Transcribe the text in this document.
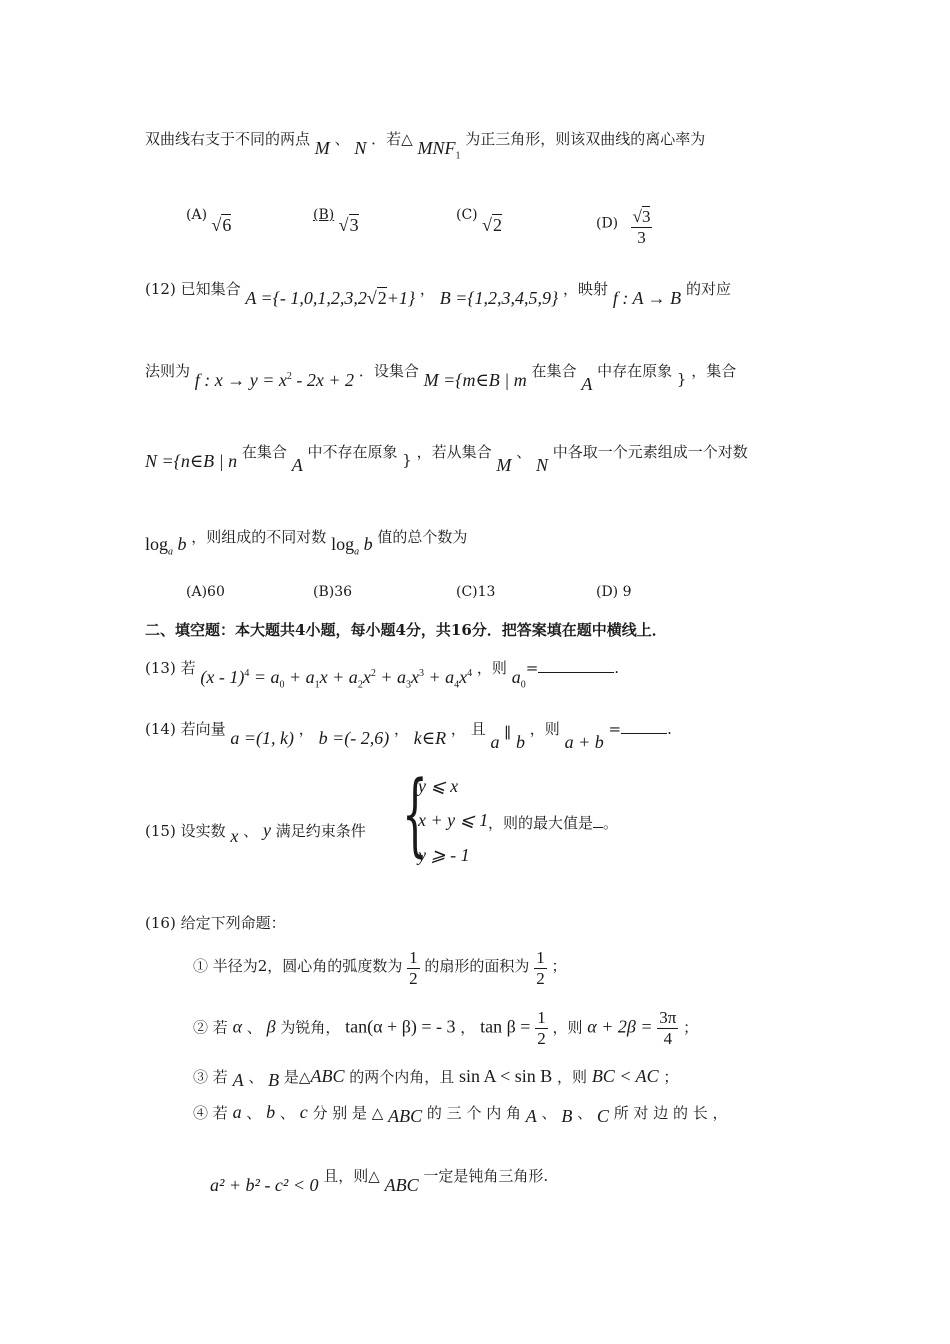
双曲线右支于不同的两点 M 、 N ．若△ $MNF_1$ 为正三角形，则该双曲线的离心率为
(A) √6	(B) √3	(C) √2	$(D) \frac{√3}{3}$
(12) 已知集合 A ={- 1,0,1,2,3,2√2+1} ， B ={1,2,3,4,5,9} ，映射 f : A → B 的对应
法则为 f : $x \to y = x^2 - 2x + 2$ ．设集合 M ={m∈B | m 在集合 A 中存在原象 } ，集合
N ={n∈B | n 在集合 A 中不存在原象 } ，若从集合 M 、 N 中各取一个元素组成一个对数
$\log_a b$ ，则组成的不同对数 $\log_a b$ 值的总个数为
(A)60	(B)36	(C)13	(D) 9
二、填空题：本大题共4小题，每小题4分，共16分．把答案填在题中横线上．
(13) 若 $(x - 1)^4 = a_0 + a_1x + a_2x^2 + a_3x^3 + a_4x^4$ ，则 $a_0=$	.
(14) 若向量 a =(1, k) ， b =(- 2,6) ， k∈R ， 且 a ∥ b ，则 a + b =	.
{
y ⩽ x
x + y ⩽ 1
y ⩾ - 1
(15) 设实数 x 、 y 满足约束条件	，则的最大值是 。
(16) 给定下列命题：
① 半径为2，圆心角的弧度数为 $\frac{1}{2}$ 的扇形的面积为 $\frac{1}{2}$ ；
② 若 α 、 β 为锐角， tan(α + β) = - 3 ， $\tan \beta = \frac{1}{2}$ ，则 $\alpha + 2\beta = \frac{3\pi}{4}$ ；
③ 若 A 、 B 是△ABC 的两个内角，且 sin A < sin B ，则 BC < AC ；
④ 若 a 、 b 、 c 分 别 是 △ ABC 的 三 个 内 角 A 、 B 、 C 所 对 边 的 长 ，
a² + b² - c² < 0 且，则△ ABC 一定是钝角三角形.
